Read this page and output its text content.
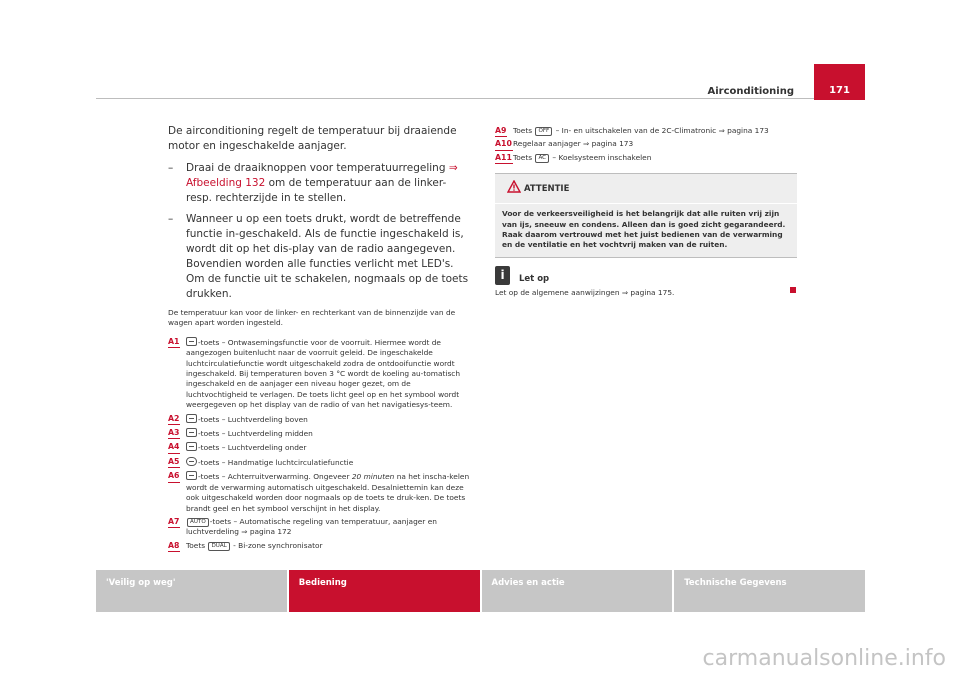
Airconditioning	171

De airconditioning regelt de temperatuur bij draaiende motor en ingeschakelde aanjager.

– Draai de draaiknoppen voor temperatuurregeling ⇒ Afbeelding 132 om de temperatuur aan de linker- resp. rechterzijde in te stellen.
– Wanneer u op een toets drukt, wordt de betreffende functie in-geschakeld. Als de functie ingeschakeld is, wordt dit op het dis-play van de radio aangegeven. Bovendien worden alle functies verlicht met LED's. Om de functie uit te schakelen, nogmaals op de toets drukken.

De temperatuur kan voor de linker- en rechterkant van de binnenzijde van de wagen apart worden ingesteld.

A1	-toets – Ontwasemingsfunctie voor de voorruit. Hiermee wordt de aangezogen buitenlucht naar de voorruit geleid. De ingeschakelde luchtcirculatiefunctie wordt uitgeschakeld zodra de ontdooifunctie wordt ingeschakeld. Bij temperaturen boven 3 °C wordt de koeling au-tomatisch ingeschakeld en de aanjager een niveau hoger gezet, om de luchtvochtigheid te verlagen. De toets licht geel op en het symbool wordt weergegeven op het display van de radio of van het navigatiesys-teem.
A2	-toets – Luchtverdeling boven
A3	-toets – Luchtverdeling midden
A4	-toets – Luchtverdeling onder
A5	-toets – Handmatige luchtcirculatiefunctie
A6	-toets – Achterruitverwarming. Ongeveer 20 minuten na het inscha-kelen wordt de verwarming automatisch uitgeschakeld. Desalniettemin kan deze ook uitgeschakeld worden door nogmaals op de toets te druk-ken. De toets brandt geel en het symbool verschijnt in het display.
A7 AUTO -toets – Automatische regeling van temperatuur, aanjager en luchtverdeling ⇒ pagina 172
A8 Toets DUAL - Bi-zone synchronisator
A9 Toets OFF – In- en uitschakelen van de 2C-Climatronic ⇒ pagina 173
A10 Regelaar aanjager ⇒ pagina 173
A11 Toets AC – Koelsysteem inschakelen
ATTENTIE

Voor de verkeersveiligheid is het belangrijk dat alle ruiten vrij zijn van ijs, sneeuw en condens. Alleen dan is goed zicht gegarandeerd. Raak daarom vertrouwd met het juist bedienen van de verwarming en de ventilatie en het vochtvrij maken van de ruiten.

i	Let op

Let op de algemene aanwijzingen ⇒ pagina 175.

'Veilig op weg'	Bediening	Advies en actie	Technische Gegevens
carmanualsonline.info
